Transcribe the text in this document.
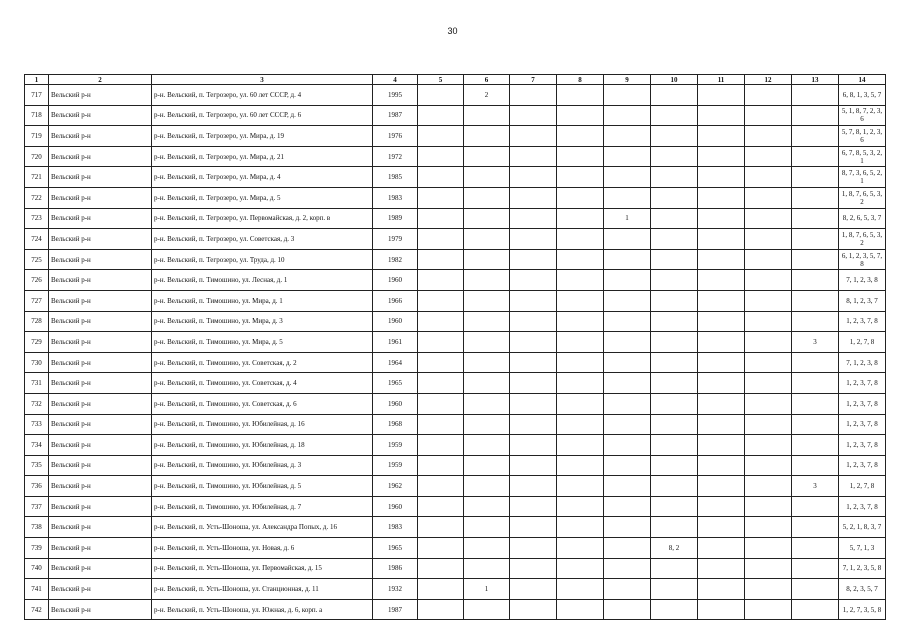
30
1	2	3	4	5	6	7	8	9	10	11	12	13	14
717	Вельский р-н	р-н. Вельский, п. Тегрозеро, ул. 60 лет СССР, д. 4	1995		2								6, 8, 1, 3, 5, 7
718	Вельский р-н	р-н. Вельский, п. Тегрозеро, ул. 60 лет СССР, д. 6	1987										5, 1, 8, 7, 2, 3, 6
719	Вельский р-н	р-н. Вельский, п. Тегрозеро, ул. Мира, д. 19	1976										5, 7, 8, 1, 2, 3, 6
720	Вельский р-н	р-н. Вельский, п. Тегрозеро, ул. Мира, д. 21	1972										6, 7, 8, 5, 3, 2, 1
721	Вельский р-н	р-н. Вельский, п. Тегрозеро, ул. Мира, д. 4	1985										8, 7, 3, 6, 5, 2, 1
722	Вельский р-н	р-н. Вельский, п. Тегрозеро, ул. Мира, д. 5	1983										1, 8, 7, 6, 5, 3, 2
723	Вельский р-н	р-н. Вельский, п. Тегрозеро, ул. Первомайская, д. 2, корп. в	1989					1					8, 2, 6, 5, 3, 7
724	Вельский р-н	р-н. Вельский, п. Тегрозеро, ул. Советская, д. 3	1979										1, 8, 7, 6, 5, 3, 2
725	Вельский р-н	р-н. Вельский, п. Тегрозеро, ул. Труда, д. 10	1982										6, 1, 2, 3, 5, 7, 8
726	Вельский р-н	р-н. Вельский, п. Тимошино, ул. Лесная, д. 1	1960										7, 1, 2, 3, 8
727	Вельский р-н	р-н. Вельский, п. Тимошино, ул. Мира, д. 1	1966										8, 1, 2, 3, 7
728	Вельский р-н	р-н. Вельский, п. Тимошино, ул. Мира, д. 3	1960										1, 2, 3, 7, 8
729	Вельский р-н	р-н. Вельский, п. Тимошино, ул. Мира, д. 5	1961									3	1, 2, 7, 8
730	Вельский р-н	р-н. Вельский, п. Тимошино, ул. Советская, д. 2	1964										7, 1, 2, 3, 8
731	Вельский р-н	р-н. Вельский, п. Тимошино, ул. Советская, д. 4	1965										1, 2, 3, 7, 8
732	Вельский р-н	р-н. Вельский, п. Тимошино, ул. Советская, д. 6	1960										1, 2, 3, 7, 8
733	Вельский р-н	р-н. Вельский, п. Тимошино, ул. Юбилейная, д. 16	1968										1, 2, 3, 7, 8
734	Вельский р-н	р-н. Вельский, п. Тимошино, ул. Юбилейная, д. 18	1959										1, 2, 3, 7, 8
735	Вельский р-н	р-н. Вельский, п. Тимошино, ул. Юбилейная, д. 3	1959										1, 2, 3, 7, 8
736	Вельский р-н	р-н. Вельский, п. Тимошино, ул. Юбилейная, д. 5	1962									3	1, 2, 7, 8
737	Вельский р-н	р-н. Вельский, п. Тимошино, ул. Юбилейная, д. 7	1960										1, 2, 3, 7, 8
738	Вельский р-н	р-н. Вельский, п. Усть-Шоноша, ул. Александра Попых, д. 16	1983										5, 2, 1, 8, 3, 7
739	Вельский р-н	р-н. Вельский, п. Усть-Шоноша, ул. Новая, д. 6	1965						8, 2				5, 7, 1, 3
740	Вельский р-н	р-н. Вельский, п. Усть-Шоноша, ул. Первомайская, д. 15	1986										7, 1, 2, 3, 5, 8
741	Вельский р-н	р-н. Вельский, п. Усть-Шоноша, ул. Станционная, д. 11	1932		1								8, 2, 3, 5, 7
742	Вельский р-н	р-н. Вельский, п. Усть-Шоноша, ул. Южная, д. 6, корп. а	1987										1, 2, 7, 3, 5, 8
